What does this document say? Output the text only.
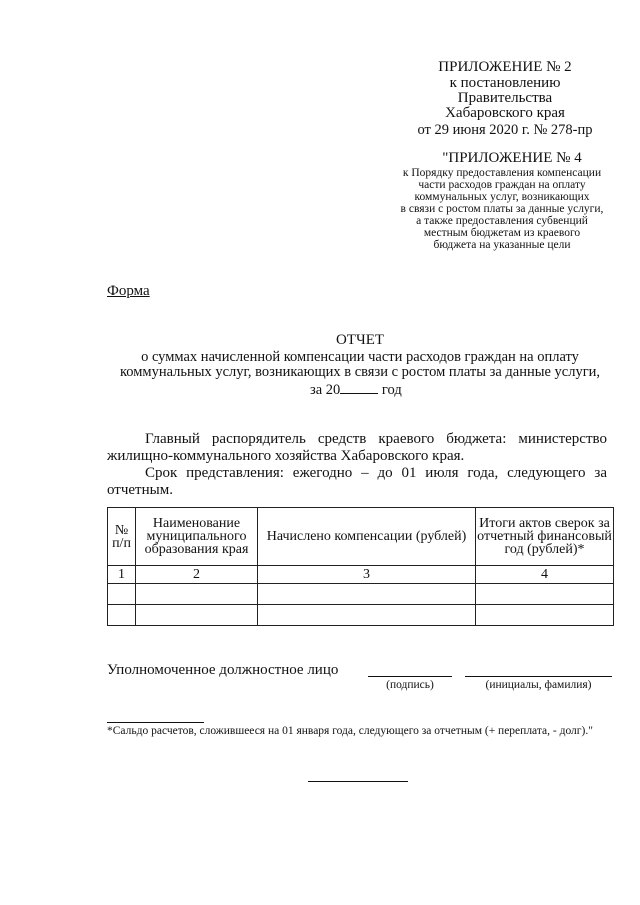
ПРИЛОЖЕНИЕ № 2
к постановлению
Правительства
Хабаровского края
от 29 июня 2020 г. № 278-пр
"ПРИЛОЖЕНИЕ № 4
к Порядку предоставления компенсации
части расходов граждан на оплату
коммунальных услуг, возникающих
в связи с ростом платы за данные услуги,
а также предоставления субвенций
местным бюджетам из краевого
бюджета на указанные цели
Форма
ОТЧЕТ
о суммах начисленной компенсации части расходов граждан на оплату
коммунальных услуг, возникающих в связи с ростом платы за данные услуги,
за 20	год
Главный распорядитель средств краевого бюджета: министерство жилищно-коммунального хозяйства Хабаровского края.
Срок представления: ежегодно – до 01 июля года, следующего за отчетным.
№ п/п	Наименование муниципального образования края	Начислено компенсации (рублей)	Итоги актов сверок за отчетный финансовый год (рублей)*
1	2	3	4

Уполномоченное должностное лицо
(подпись)	(инициалы, фамилия)
*Сальдо расчетов, сложившееся на 01 января года, следующего за отчетным (+ переплата, - долг)."
